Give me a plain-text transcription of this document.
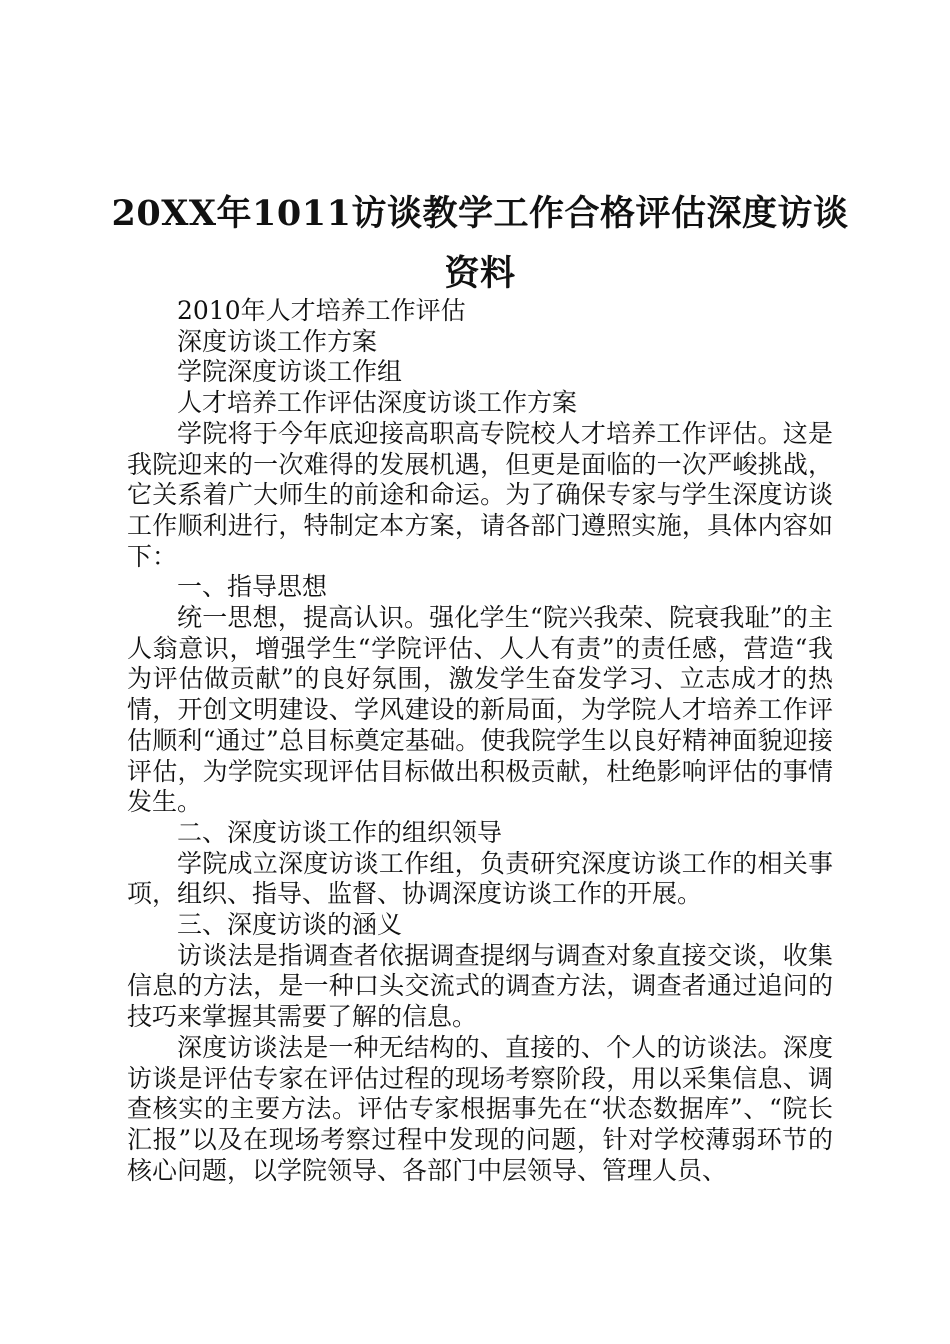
20XX年1011访谈教学工作合格评估深度访谈资料

2010年人才培养工作评估

深度访谈工作方案

学院深度访谈工作组

人才培养工作评估深度访谈工作方案

学院将于今年底迎接高职高专院校人才培养工作评估。这是我院迎来的一次难得的发展机遇，但更是面临的一次严峻挑战，它关系着广大师生的前途和命运。为了确保专家与学生深度访谈工作顺利进行，特制定本方案，请各部门遵照实施，具体内容如下：

一、指导思想

统一思想，提高认识。强化学生“院兴我荣、院衰我耻”的主人翁意识，增强学生“学院评估、人人有责”的责任感，营造“我为评估做贡献”的良好氛围，激发学生奋发学习、立志成才的热情，开创文明建设、学风建设的新局面，为学院人才培养工作评估顺利“通过”总目标奠定基础。使我院学生以良好精神面貌迎接评估，为学院实现评估目标做出积极贡献，杜绝影响评估的事情发生。

二、深度访谈工作的组织领导

学院成立深度访谈工作组，负责研究深度访谈工作的相关事项，组织、指导、监督、协调深度访谈工作的开展。

三、深度访谈的涵义

访谈法是指调查者依据调查提纲与调查对象直接交谈，收集信息的方法，是一种口头交流式的调查方法，调查者通过追问的技巧来掌握其需要了解的信息。

深度访谈法是一种无结构的、直接的、个人的访谈法。深度访谈是评估专家在评估过程的现场考察阶段，用以采集信息、调查核实的主要方法。评估专家根据事先在“状态数据库”、“院长汇报”以及在现场考察过程中发现的问题，针对学校薄弱环节的核心问题，以学院领导、各部门中层领导、管理人员、
